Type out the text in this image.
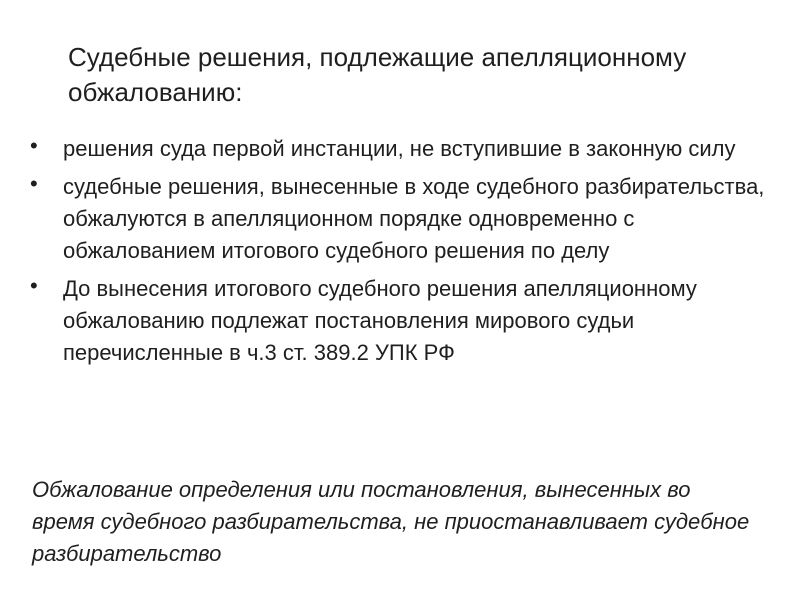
Судебные решения, подлежащие апелляционному обжалованию:
• решения суда первой инстанции, не вступившие в законную силу
• судебные решения, вынесенные в ходе судебного разбирательства, обжалуются в апелляционном порядке одновременно с обжалованием итогового судебного решения по делу
• До вынесения итогового судебного решения апелляционному обжалованию подлежат постановления мирового судьи перечисленные в ч.3 ст. 389.2 УПК РФ

Обжалование определения или постановления, вынесенных во время судебного разбирательства, не приостанавливает судебное разбирательство
